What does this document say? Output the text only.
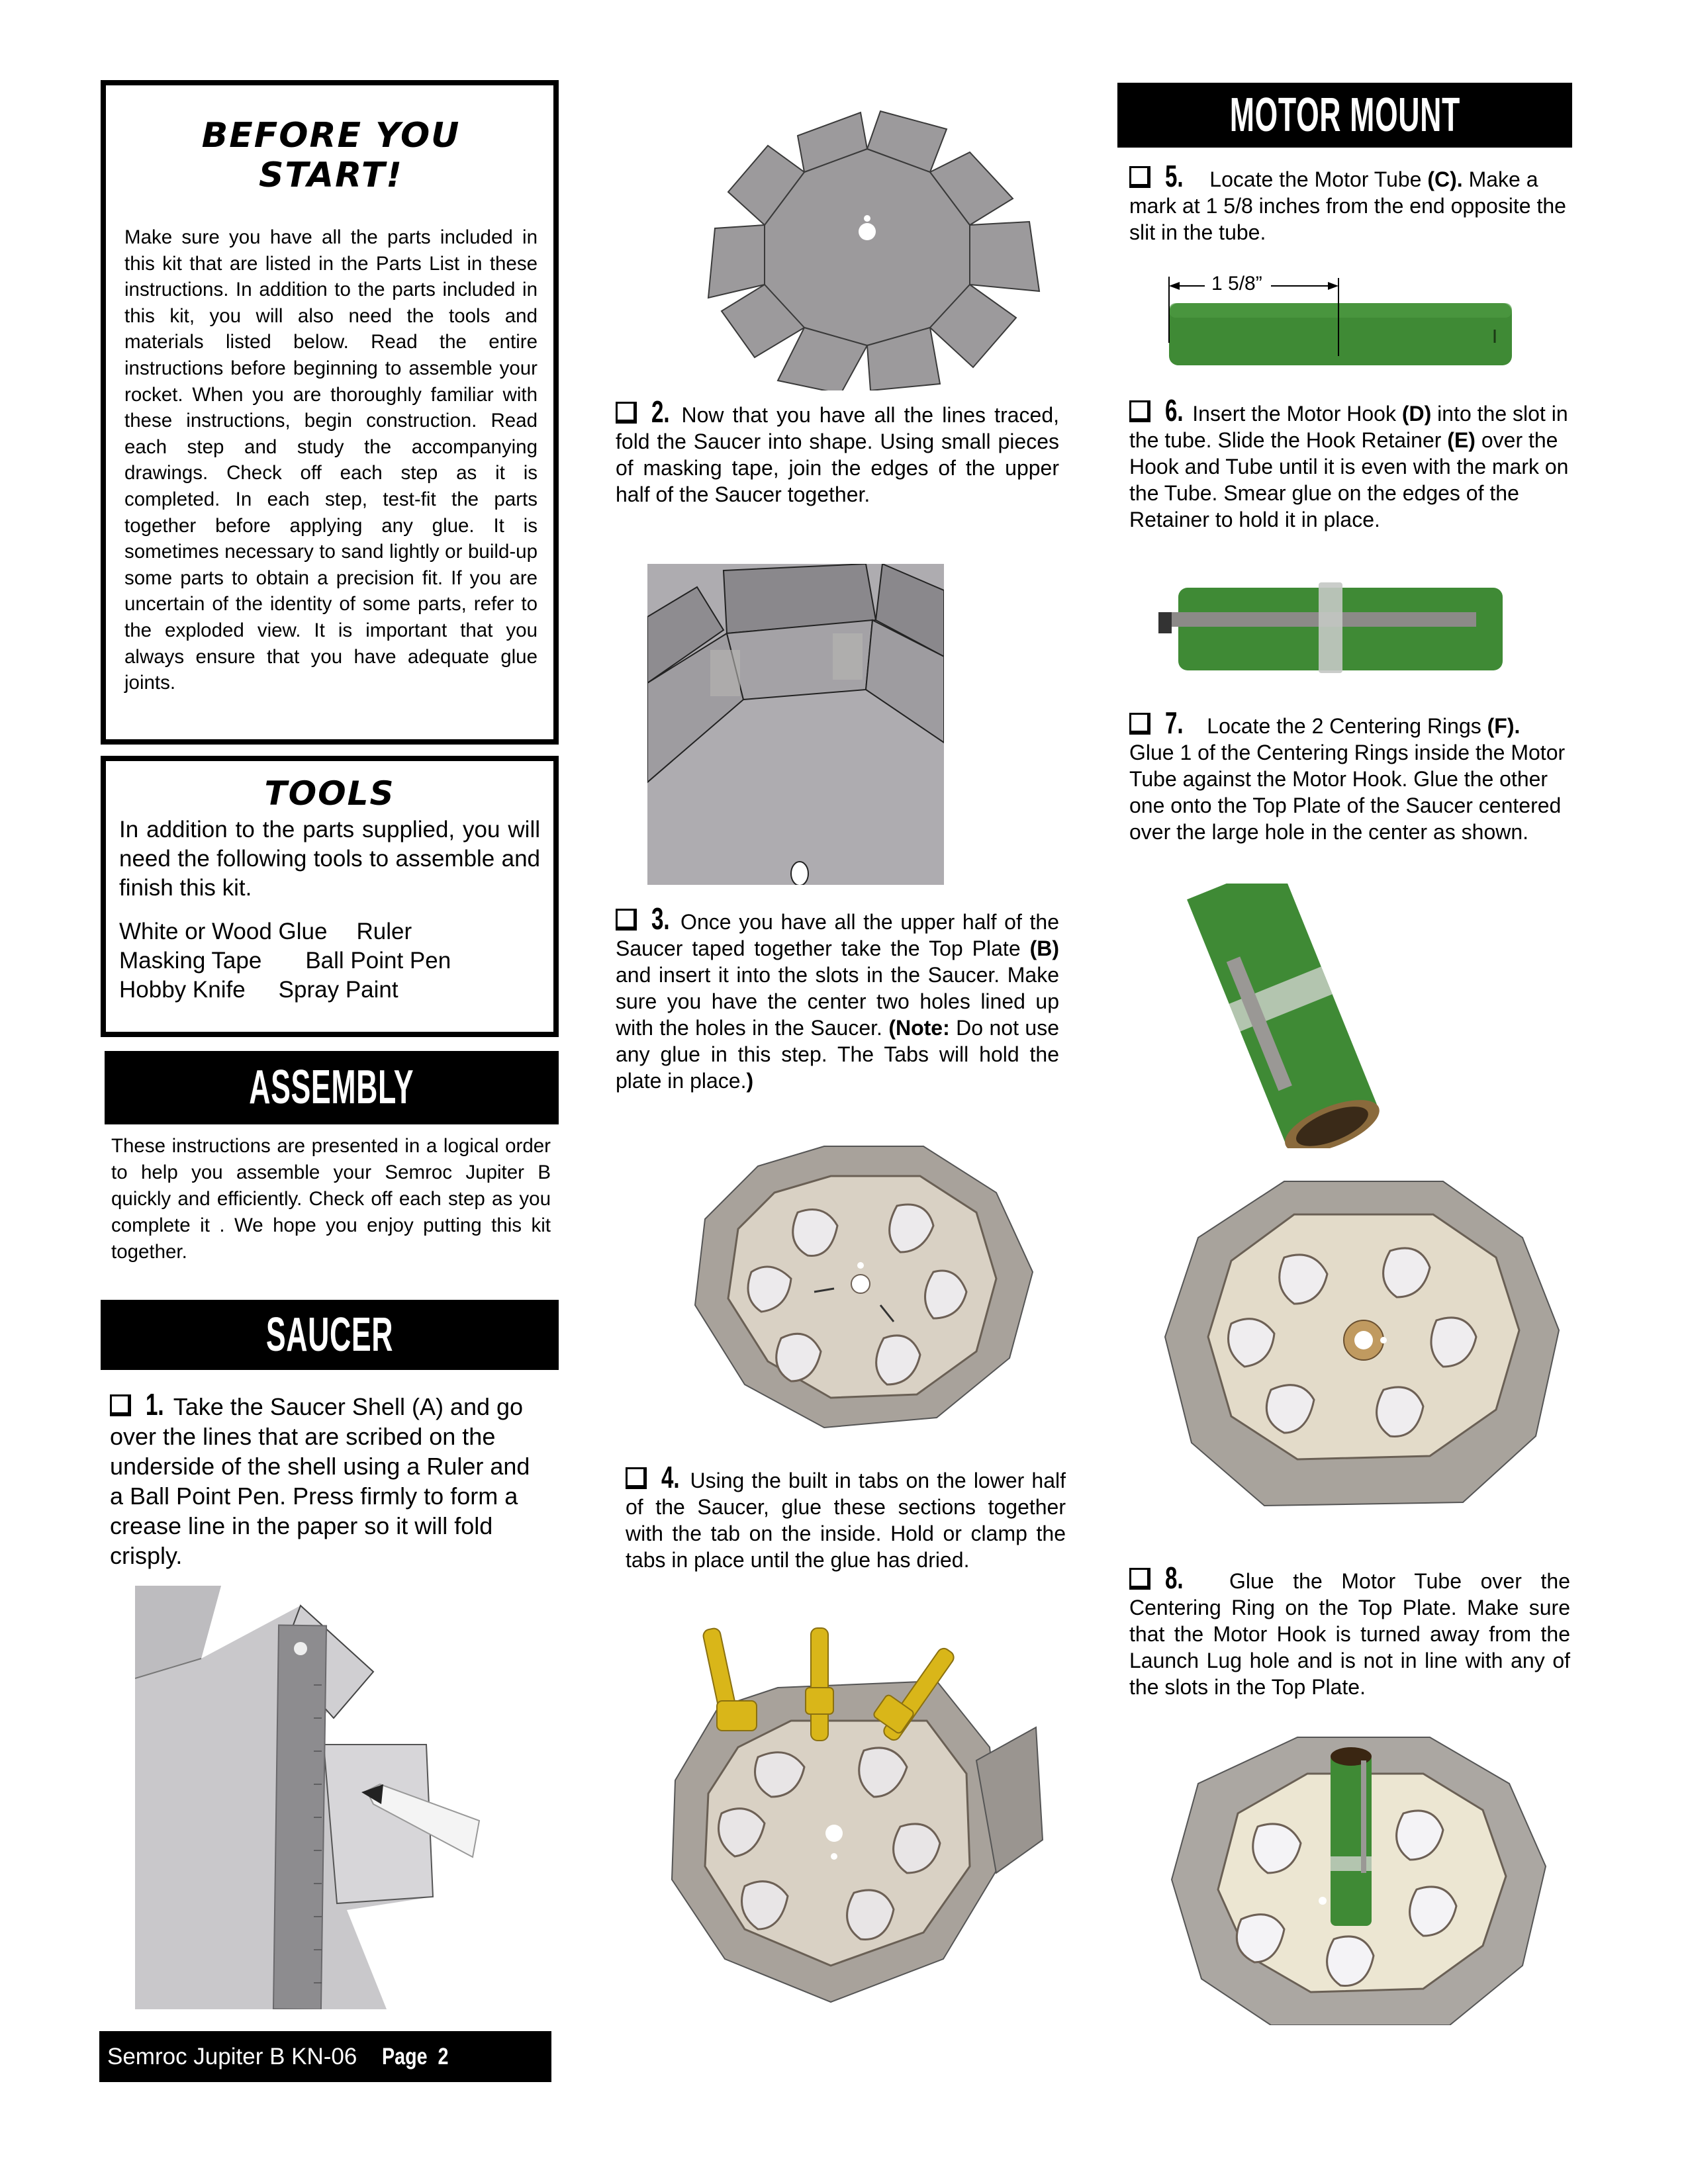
BEFORE YOU
START!
Make sure you have all the parts included in this kit that are listed in the Parts List in these instructions. In addition to the parts included in this kit, you will also need the tools and materials listed below. Read the entire instructions before beginning to assemble your rocket. When you are thoroughly familiar with these instructions, begin construction. Read each step and study the accompanying drawings. Check off each step as it is completed. In each step, test-fit the parts together before applying any glue. It is sometimes necessary to sand lightly or build-up some parts to obtain a precision fit. If you are uncertain of the identity of some parts, refer to the exploded view. It is important that you always ensure that you have adequate glue joints.
TOOLS
In addition to the parts supplied, you will need the following tools to assemble and finish this kit.
White or Wood Glue Ruler
Masking Tape Ball Point Pen
Hobby Knife Spray Paint
ASSEMBLY
These instructions are presented in a logical order to help you assemble your Semroc Jupiter B quickly and efficiently. Check off each step as you complete it . We hope you enjoy putting this kit together.
SAUCER
1. Take the Saucer Shell (A) and go over the lines that are scribed on the underside of the shell using a Ruler and a Ball Point Pen. Press firmly to form a crease line in the paper so it will fold crisply.
Semroc Jupiter B KN-06 Page  2
2. Now that you have all the lines traced, fold the Saucer into shape. Using small pieces of masking tape, join the edges of the upper half of the Saucer together.
3. Once you have all the upper half of the Saucer taped together take the Top Plate (B) and insert it into the slots in the Saucer. Make sure you have the center two holes lined up with the holes in the Saucer. (Note: Do not use any glue in this step. The Tabs will hold the plate in place.)
4. Using the built in tabs on the lower half of the Saucer, glue these sections together with the tab on the inside. Hold or clamp the tabs in place until the glue has dried.
MOTOR MOUNT
5. Locate the Motor Tube (C). Make a mark at 1 5/8 inches from the end opposite the slit in the tube.
1 5/8”
6. Insert the Motor Hook (D) into the slot in the tube. Slide the Hook Retainer (E) over the Hook and Tube until it is even with the mark on the Tube. Smear glue on the edges of the Retainer to hold it in place.
7. Locate the 2 Centering Rings (F). Glue 1 of the Centering Rings inside the Motor Tube against the Motor Hook. Glue the other one onto the Top Plate of the Saucer centered over the large hole in the center as shown.
8. Glue the Motor Tube over the Centering Ring on the Top Plate. Make sure that the Motor Hook is turned away from the Launch Lug hole and is not in line with any of the slots in the Top Plate.
